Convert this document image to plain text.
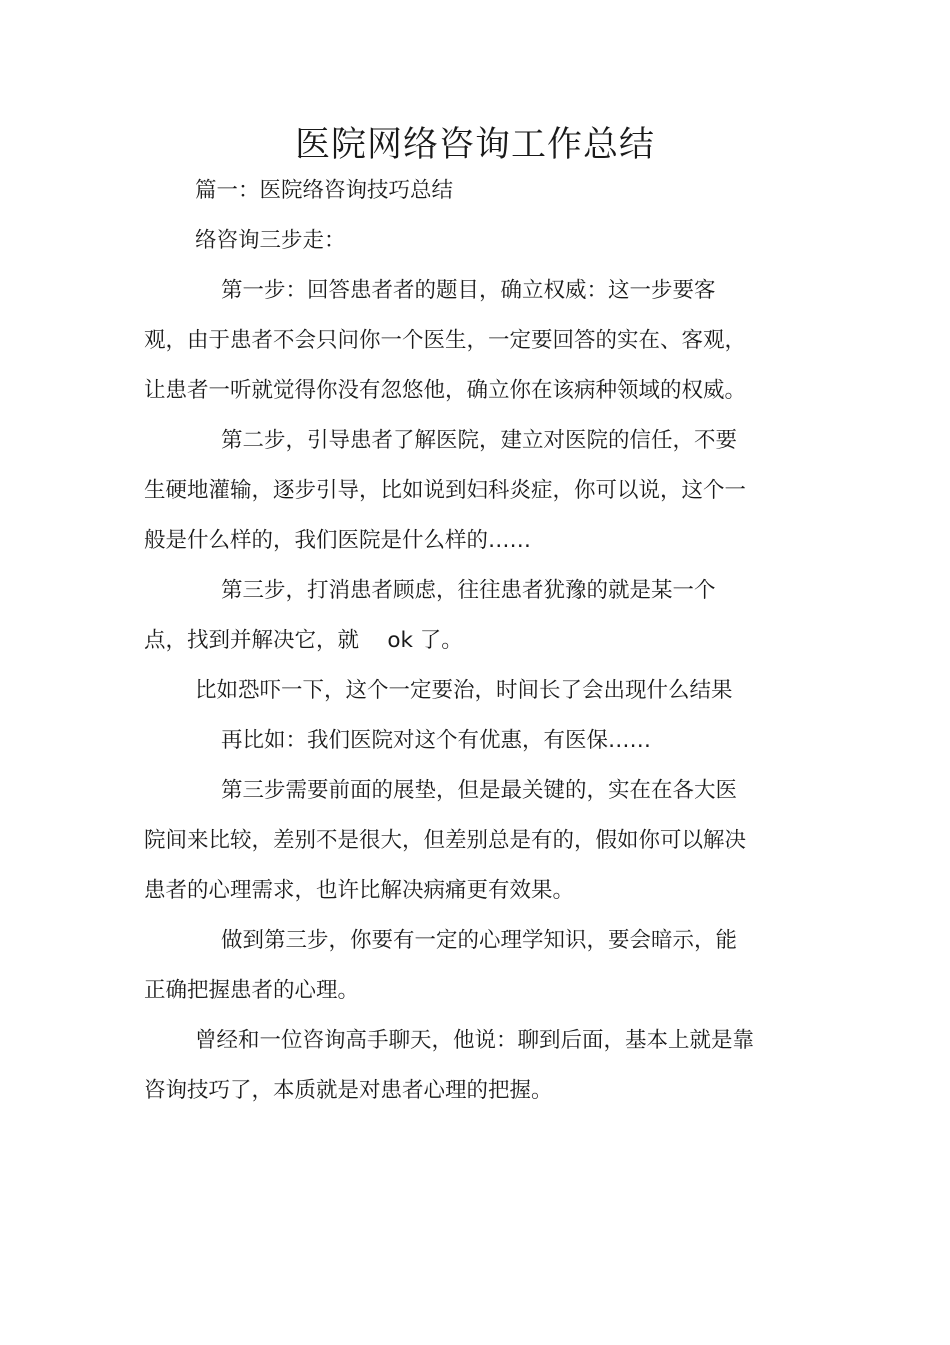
医院网络咨询工作总结

篇一：医院络咨询技巧总结

络咨询三步走：

第一步：回答患者者的题目，确立权威：这一步要客观，由于患者不会只问你一个医生，一定要回答的实在、客观，让患者一听就觉得你没有忽悠他，确立你在该病种领域的权威。

第二步，引导患者了解医院，建立对医院的信任，不要生硬地灌输，逐步引导，比如说到妇科炎症，你可以说，这个一般是什么样的，我们医院是什么样的……

第三步，打消患者顾虑，往往患者犹豫的就是某一个点，找到并解决它，就　 ok 了。

比如恐吓一下，这个一定要治，时间长了会出现什么结果

再比如：我们医院对这个有优惠，有医保……

第三步需要前面的展垫，但是最关键的，实在在各大医院间来比较，差别不是很大，但差别总是有的，假如你可以解决患者的心理需求，也许比解决病痛更有效果。

做到第三步，你要有一定的心理学知识，要会暗示，能正确把握患者的心理。

曾经和一位咨询高手聊天，他说：聊到后面，基本上就是靠咨询技巧了，本质就是对患者心理的把握。
